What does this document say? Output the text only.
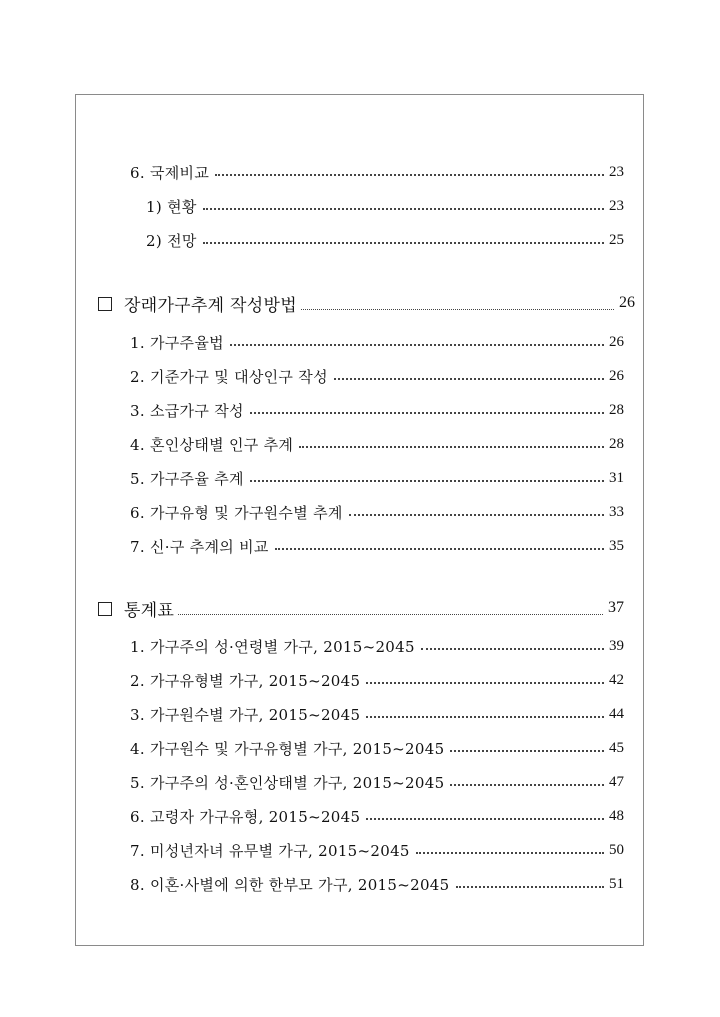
6. 국제비교	23
1) 현황	23
2) 전망	25
장래가구추계 작성방법	26
1. 가구주율법	26
2. 기준가구 및 대상인구 작성	26
3. 소급가구 작성	28
4. 혼인상태별 인구 추계	28
5. 가구주율 추계	31
6. 가구유형 및 가구원수별 추계	33
7. 신·구 추계의 비교	35
통계표	37
1. 가구주의 성·연령별 가구, 2015~2045	39
2. 가구유형별 가구, 2015~2045	42
3. 가구원수별 가구, 2015~2045	44
4. 가구원수 및 가구유형별 가구, 2015~2045	45
5. 가구주의 성·혼인상태별 가구, 2015~2045	47
6. 고령자 가구유형, 2015~2045	48
7. 미성년자녀 유무별 가구, 2015~2045	50
8. 이혼·사별에 의한 한부모 가구, 2015~2045	51
